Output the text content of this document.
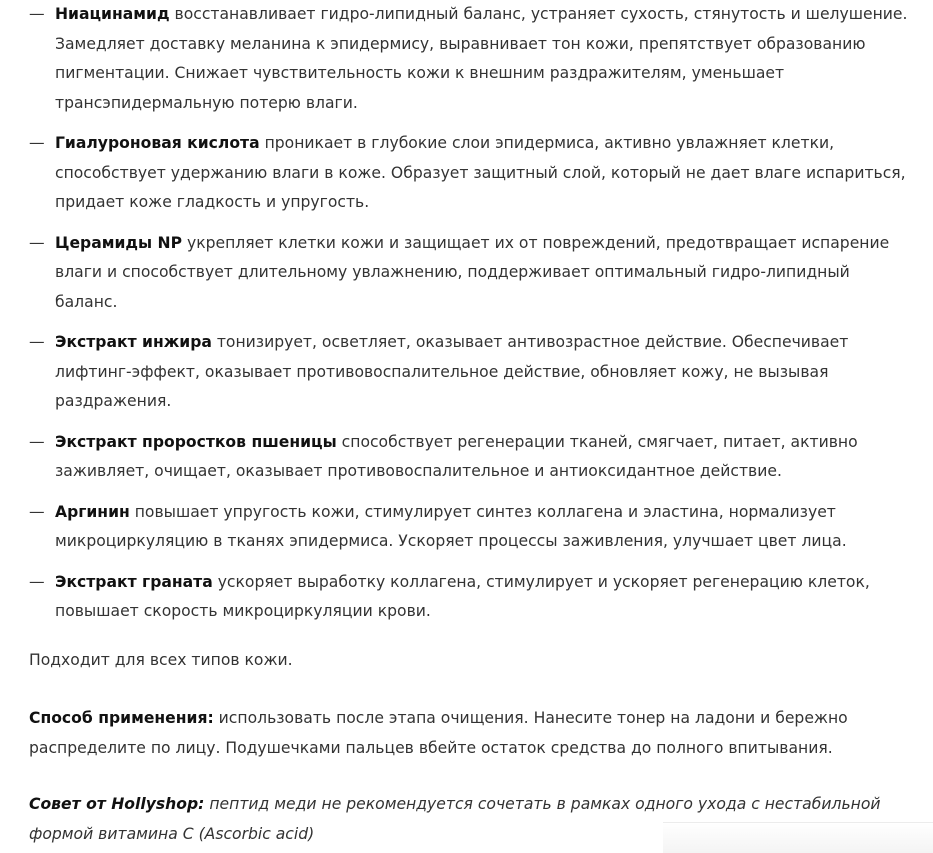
— Ниацинамид восстанавливает гидро-липидный баланс, устраняет сухость, стянутость и шелушение. Замедляет доставку меланина к эпидермису, выравнивает тон кожи, препятствует образованию пигментации. Снижает чувствительность кожи к внешним раздражителям, уменьшает трансэпидермальную потерю влаги.
— Гиалуроновая кислота проникает в глубокие слои эпидермиса, активно увлажняет клетки, способствует удержанию влаги в коже. Образует защитный слой, который не дает влаге испариться, придает коже гладкость и упругость.
— Церамиды NP укрепляет клетки кожи и защищает их от повреждений, предотвращает испарение влаги и способствует длительному увлажнению, поддерживает оптимальный гидро-липидный баланс.
— Экстракт инжира тонизирует, осветляет, оказывает антивозрастное действие. Обеспечивает лифтинг-эффект, оказывает противовоспалительное действие, обновляет кожу, не вызывая раздражения.
— Экстракт проростков пшеницы способствует регенерации тканей, смягчает, питает, активно заживляет, очищает, оказывает противовоспалительное и антиоксидантное действие.
— Аргинин повышает упругость кожи, стимулирует синтез коллагена и эластина, нормализует микроциркуляцию в тканях эпидермиса. Ускоряет процессы заживления, улучшает цвет лица.
— Экстракт граната ускоряет выработку коллагена, стимулирует и ускоряет регенерацию клеток, повышает скорость микроциркуляции крови.

Подходит для всех типов кожи.

Способ применения: использовать после этапа очищения. Нанесите тонер на ладони и бережно распределите по лицу. Подушечками пальцев вбейте остаток средства до полного впитывания.

Совет от Hollyshop: пептид меди не рекомендуется сочетать в рамках одного ухода с нестабильной формой витамина С (Ascorbic acid)
